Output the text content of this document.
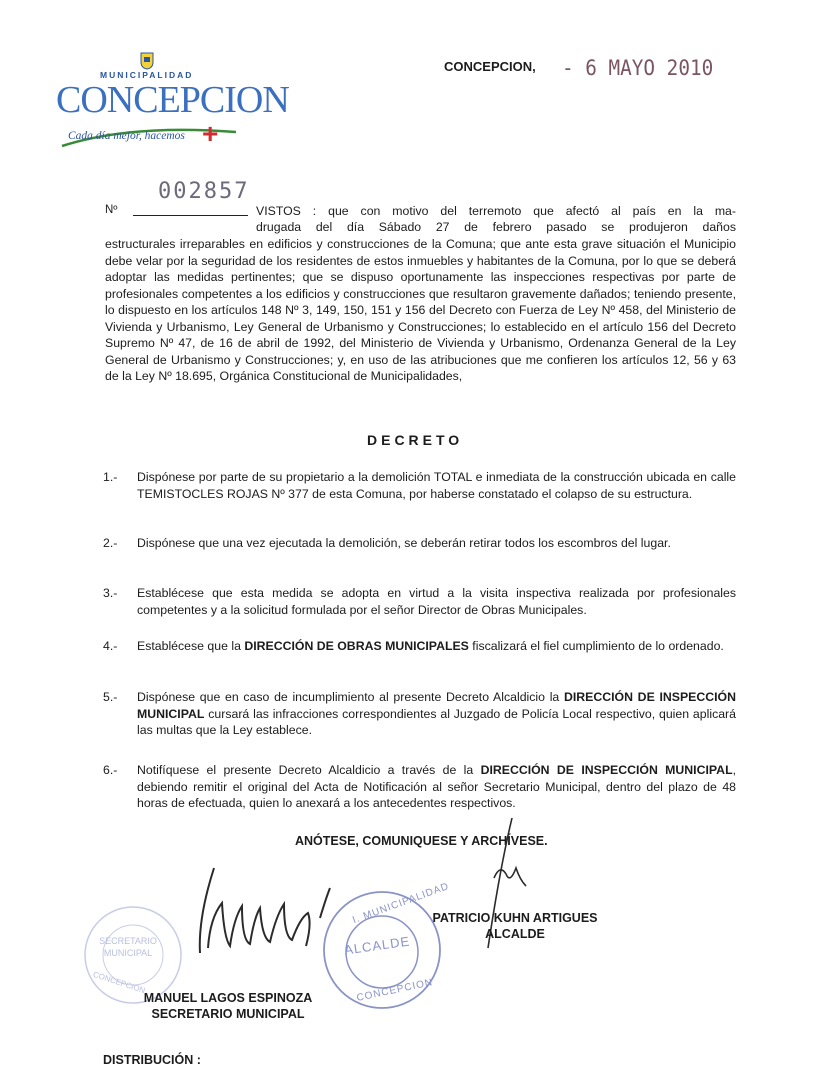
MUNICIPALIDAD
CONCEPCION
Cada día mejor, hacemos +
CONCEPCION, - 6 MAYO 2010
Nº
002857
VISTOS : que con motivo del terremoto que afectó al país en la ma-
drugada del día Sábado 27 de febrero pasado se produjeron daños
estructurales irreparables en edificios y construcciones de la Comuna; que ante esta grave situación el Municipio debe velar por la seguridad de los residentes de estos inmuebles y habitantes de la Comuna, por lo que se deberá adoptar las medidas pertinentes; que se dispuso oportunamente las inspecciones respectivas por parte de profesionales competentes a los edificios y construcciones que resultaron gravemente dañados; teniendo presente, lo dispuesto en los artículos 148 Nº 3, 149, 150, 151 y 156 del Decreto con Fuerza de Ley Nº 458, del Ministerio de Vivienda y Urbanismo, Ley General de Urbanismo y Construcciones; lo establecido en el artículo 156 del Decreto Supremo Nº 47, de 16 de abril de 1992, del Ministerio de Vivienda y Urbanismo, Ordenanza General de la Ley General de Urbanismo y Construcciones; y, en uso de las atribuciones que me confieren los artículos 12, 56 y 63 de la Ley Nº 18.695, Orgánica Constitucional de Municipalidades,
DECRETO
1.-	Dispónese por parte de su propietario a la demolición TOTAL e inmediata de la construcción ubicada en calle TEMISTOCLES ROJAS Nº 377 de esta Comuna, por haberse constatado el colapso de su estructura.
2.-	Dispónese que una vez ejecutada la demolición, se deberán retirar todos los escombros del lugar.
3.-	Establécese que esta medida se adopta en virtud a la visita inspectiva realizada por profesionales competentes y a la solicitud formulada por el señor Director de Obras Municipales.
4.-	Establécese que la DIRECCIÓN DE OBRAS MUNICIPALES fiscalizará el fiel cumplimiento de lo ordenado.
5.-	Dispónese que en caso de incumplimiento al presente Decreto Alcaldicio la DIRECCIÓN DE INSPECCIÓN MUNICIPAL cursará las infracciones correspondientes al Juzgado de Policía Local respectivo, quien aplicará las multas que la Ley establece.
6.-	Notifíquese el presente Decreto Alcaldicio a través de la DIRECCIÓN DE INSPECCIÓN MUNICIPAL, debiendo remitir el original del Acta de Notificación al señor Secretario Municipal, dentro del plazo de 48 horas de efectuada, quien lo anexará a los antecedentes respectivos.
ANÓTESE, COMUNIQUESE Y ARCHÍVESE.
SECRETARIO
MUNICIPAL
CONCEPCION
ALCALDE
I. MUNICIPALIDAD
CONCEPCION
PATRICIO KUHN ARTIGUES
ALCALDE
MANUEL LAGOS ESPINOZA
SECRETARIO MUNICIPAL
DISTRIBUCIÓN :
